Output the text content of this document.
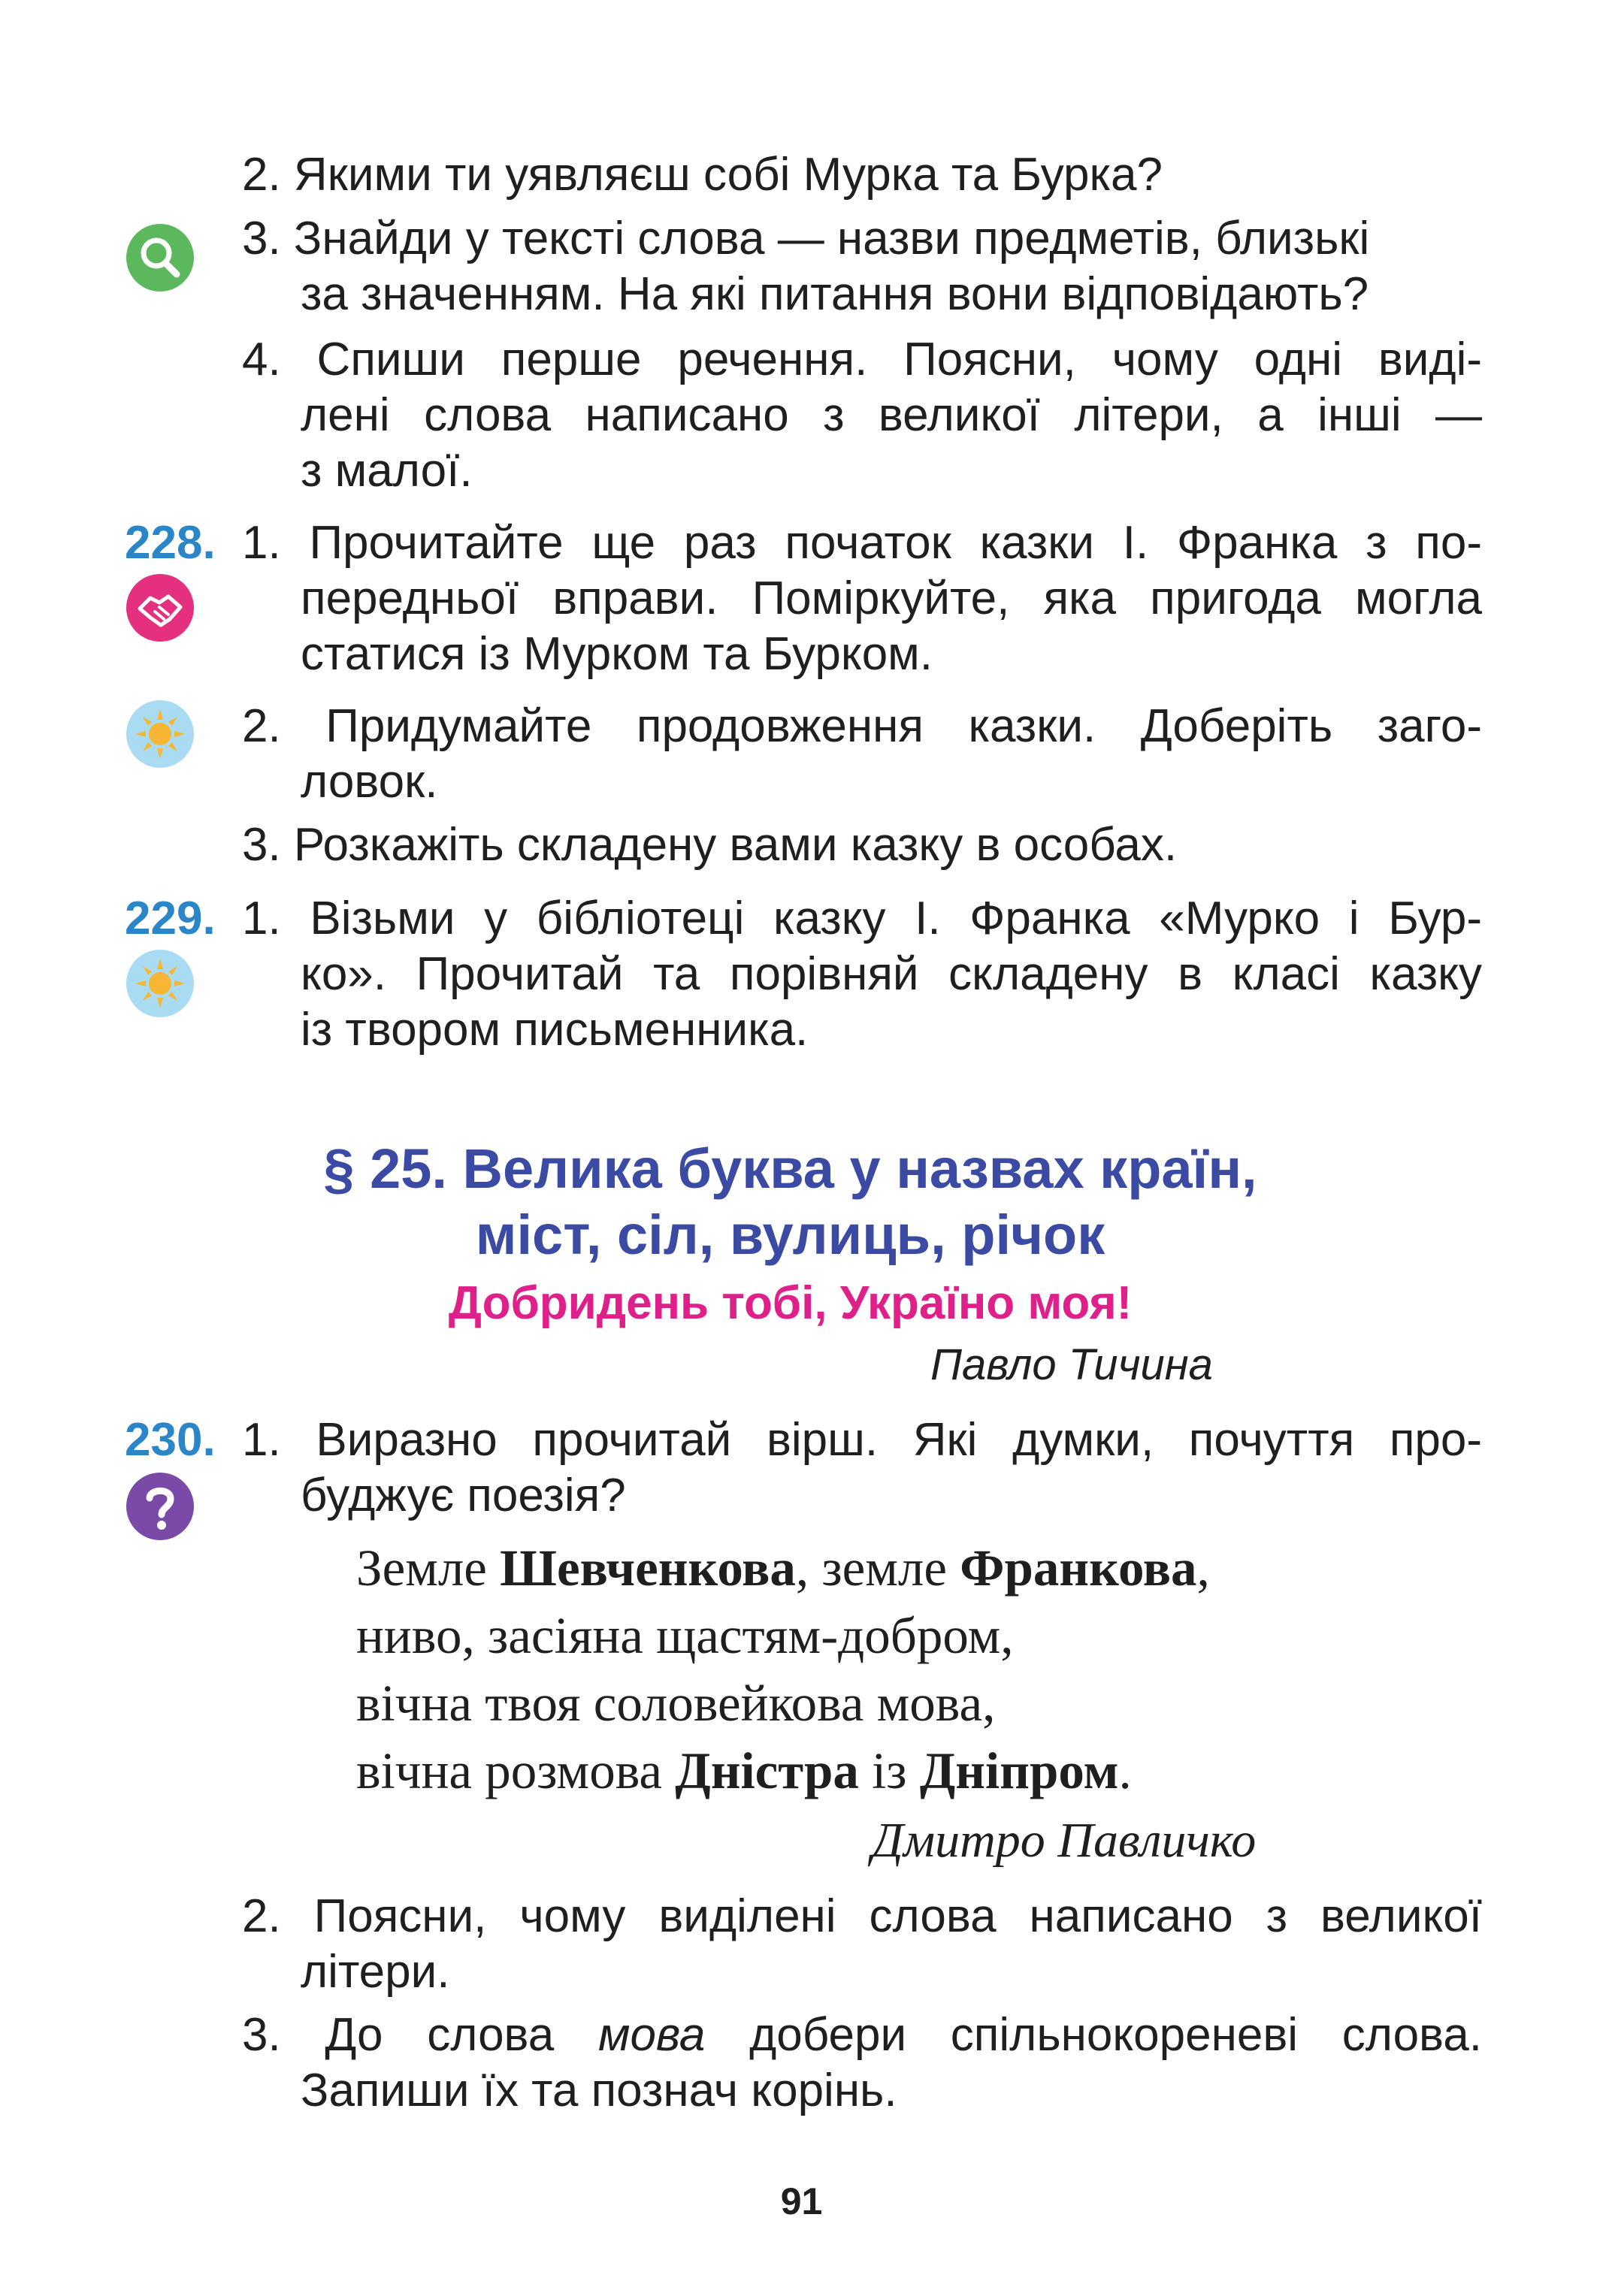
2. Якими ти уявляєш собі Мурка та Бурка?
3. Знайди у тексті слова — назви предметів, близькі
за значенням. На які питання вони відповідають?
4. Спиши перше речення. Поясни, чому одні виді-
лені слова написано з великої літери, а інші —
з малої.
228. 1. Прочитайте ще раз початок казки І. Франка з по-
передньої вправи. Поміркуйте, яка пригода могла
статися із Мурком та Бурком.
2. Придумайте продовження казки. Доберіть заго-
ловок.
3. Розкажіть складену вами казку в особах.
229. 1. Візьми у бібліотеці казку І. Франка «Мурко і Бур-
ко». Прочитай та порівняй складену в класі казку
із твором письменника.
§ 25. Велика буква у назвах країн,
міст, сіл, вулиць, річок
Добридень тобі, Україно моя!
Павло Тичина
230. 1. Виразно прочитай вірш. Які думки, почуття про-
буджує поезія?
Земле Шевченкова, земле Франкова,
ниво, засіяна щастям-добром,
вічна твоя соловейкова мова,
вічна розмова Дністра із Дніпром.
Дмитро Павличко
2. Поясни, чому виділені слова написано з великої
літери.
3. До слова мова добери спільнокореневі слова.
Запиши їх та познач корінь.
91
